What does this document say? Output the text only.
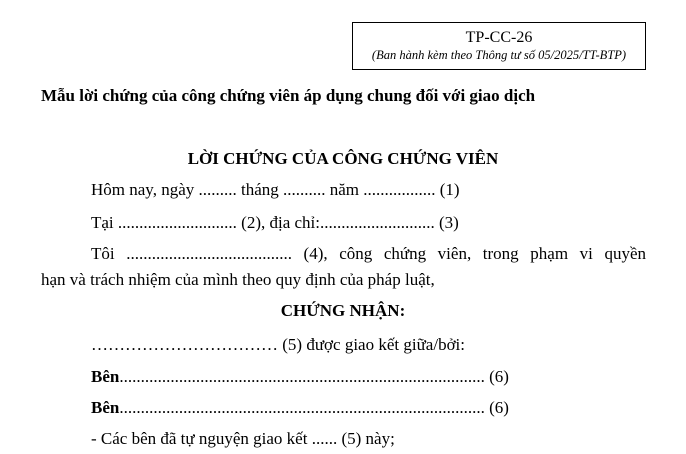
TP-CC-26
(Ban hành kèm theo Thông tư số 05/2025/TT-BTP)
Mẫu lời chứng của công chứng viên áp dụng chung đối với giao dịch
LỜI CHỨNG CỦA CÔNG CHỨNG VIÊN
Hôm nay, ngày ......... tháng .......... năm ................. (1)
Tại ............................ (2), địa chỉ:........................... (3)
Tôi ....................................... (4), công chứng viên, trong phạm vi quyền
hạn và trách nhiệm của mình theo quy định của pháp luật,
CHỨNG NHẬN:
…………………………… (5) được giao kết giữa/bởi:
Bên...................................................................................... (6)
Bên...................................................................................... (6)
- Các bên đã tự nguyện giao kết ...... (5) này;
